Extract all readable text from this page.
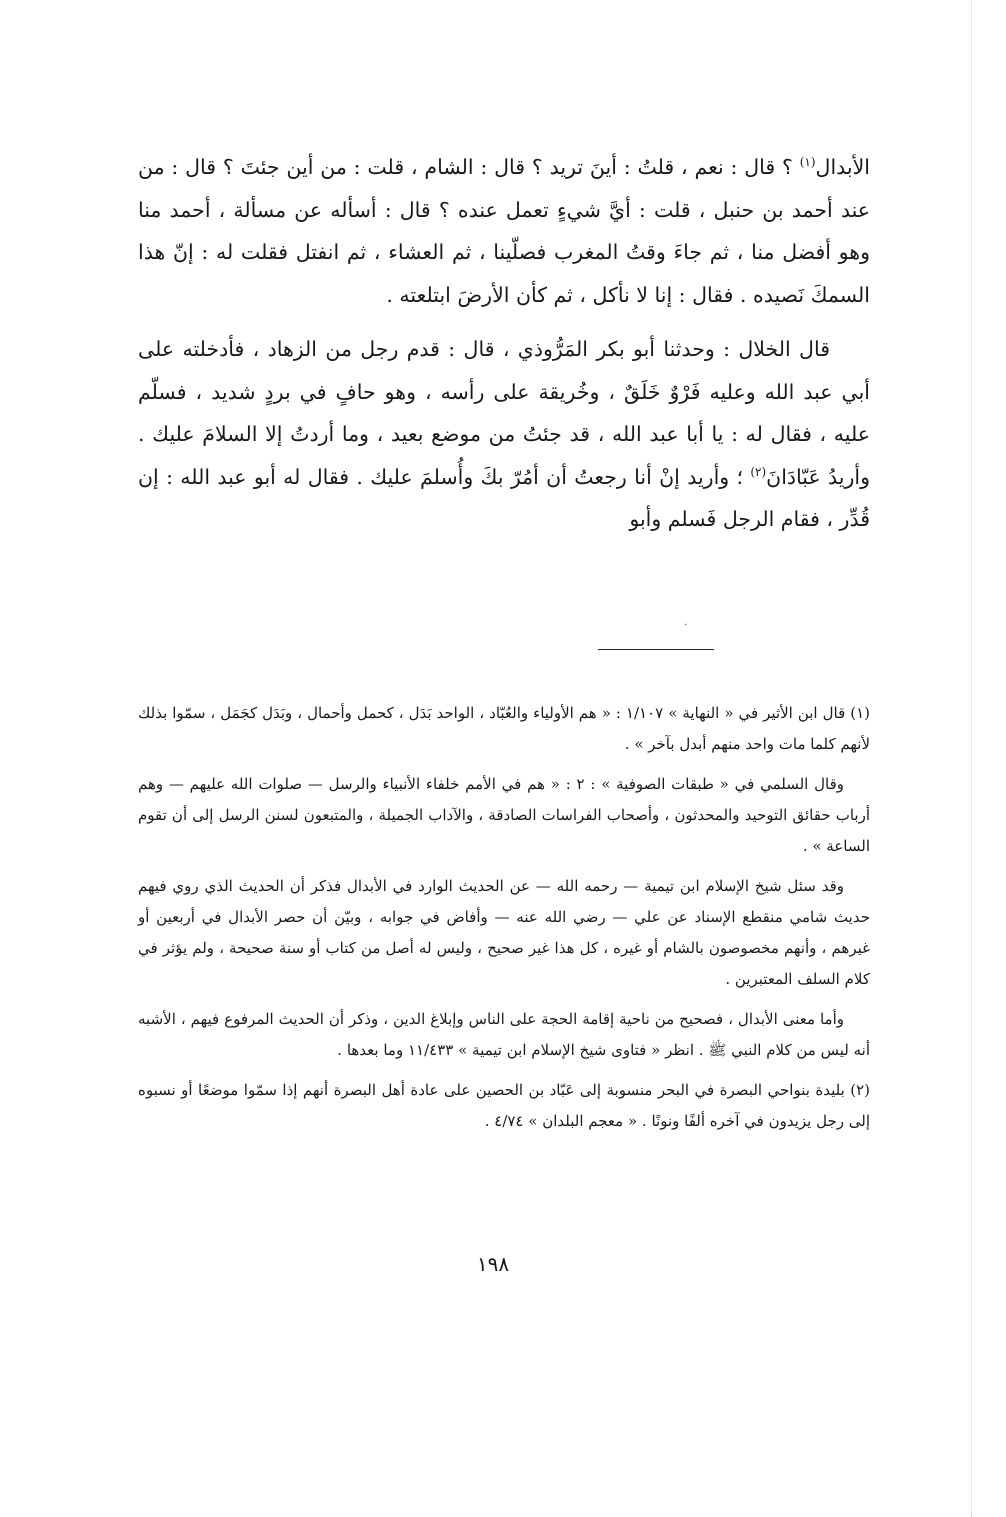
الأبدال$^{(١)}$ ؟ قال : نعم ، قلتُ : أينَ تريد ؟ قال : الشام ، قلت : من أين جئتَ ؟ قال : من عند أحمد بن حنبل ، قلت : أيَّ شيءٍ تعمل عنده ؟ قال : أسأله عن مسألة ، أحمد منا وهو أفضل منا ، ثم جاءَ وقتُ المغرب فصلّينا ، ثم العشاء ، ثم انفتل فقلت له : إنّ هذا السمكَ نَصيده . فقال : إنا لا نأكل ، ثم كأن الأرضَ ابتلعته .

قال الخلال : وحدثنا أبو بكر المَرُّوذي ، قال : قدم رجل من الزهاد ، فأدخلته على أبي عبد الله وعليه فَرْوٌ خَلَقٌ ، وخُريقة على رأسه ، وهو حافٍ في بردٍ شديد ، فسلّم عليه ، فقال له : يا أبا عبد الله ، قد جئتُ من موضع بعيد ، وما أردتُ إلا السلامَ عليك . وأريدُ عَبّادَانَ$^{(٢)}$ ؛ وأريد إنْ أنا رجعتُ أن أمُرّ بكَ وأُسلمَ عليك . فقال له أبو عبد الله : إن قُدِّر ، فقام الرجل فَسلم وأبو

·

(١) قال ابن الأثير في « النهاية » ١/١٠٧ : « هم الأولياء والعُبّاد ، الواحد بَدَل ، كحمل وأحمال ، وبَدَل كجَمَل ، سمّوا بذلك لأنهم كلما مات واحد منهم أبدل بآخر » .

وقال السلمي في « طبقات الصوفية » : ٢ : « هم في الأمم خلفاء الأنبياء والرسل — صلوات الله عليهم — وهم أرباب حقائق التوحيد والمحدثون ، وأصحاب الفراسات الصادقة ، والآداب الجميلة ، والمتبعون لسنن الرسل إلى أن تقوم الساعة » .

وقد سئل شيخ الإسلام ابن تيمية — رحمه الله — عن الحديث الوارد في الأبدال فذكر أن الحديث الذي روي فيهم حديث شامي منقطع الإسناد عن علي — رضي الله عنه — وأفاض في جوابه ، وبيّن أن حصر الأبدال في أربعين أو غيرهم ، وأنهم مخصوصون بالشام أو غيره ، كل هذا غير صحيح ، وليس له أصل من كتاب أو سنة صحيحة ، ولم يؤثر في كلام السلف المعتبرين .

وأما معنى الأبدال ، فصحيح من ناحية إقامة الحجة على الناس وإبلاغ الدين ، وذكر أن الحديث المرفوع فيهم ، الأشبه أنه ليس من كلام النبي ﷺ . انظر « فتاوى شيخ الإسلام ابن تيمية » ١١/٤٣٣ وما بعدها .

(٢) بليدة بنواحي البصرة في البحر منسوبة إلى عَبّاد بن الحصين على عادة أهل البصرة أنهم إذا سمّوا موضعًا أو نسبوه إلى رجل يزيدون في آخره ألفًا ونونًا . « معجم البلدان » ٤/٧٤ .

١٩٨
